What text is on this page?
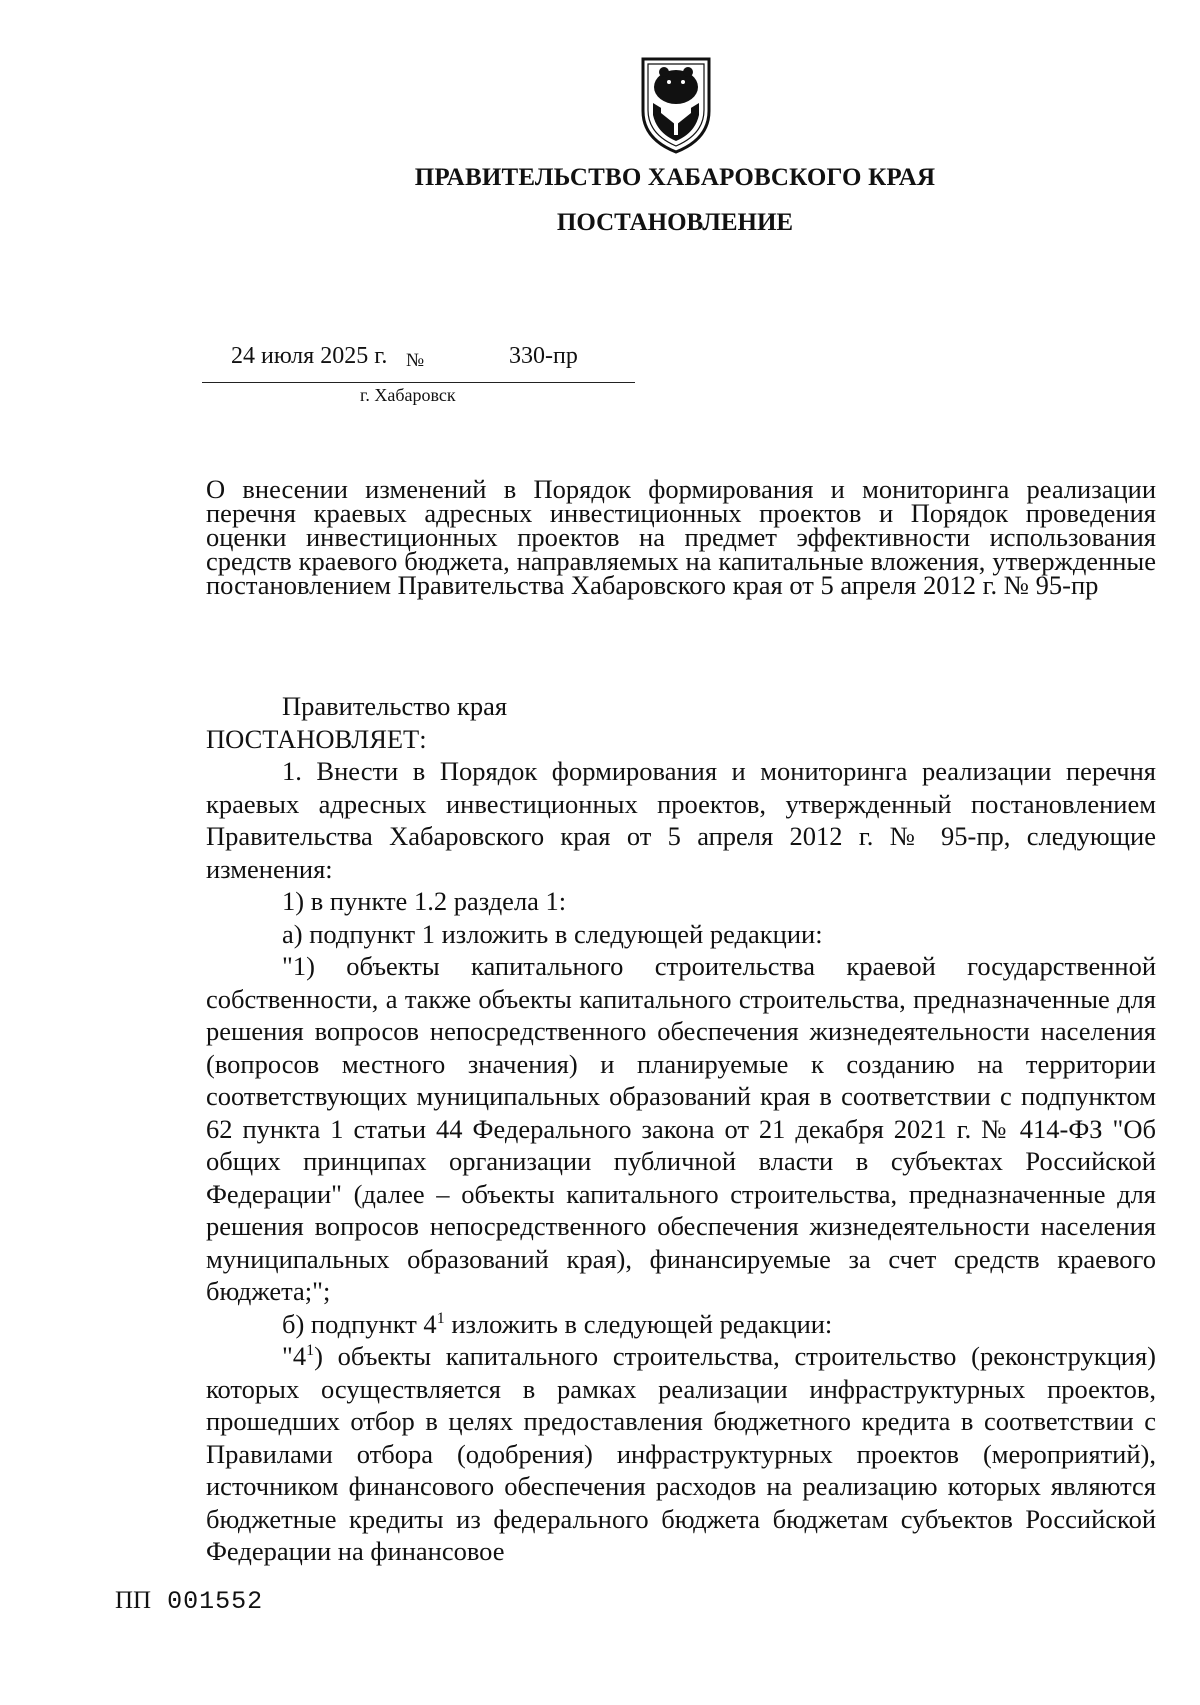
ПРАВИТЕЛЬСТВО ХАБАРОВСКОГО КРАЯ
ПОСТАНОВЛЕНИЕ
24 июля 2025 г. №	330-пр
г. Хабаровск
О внесении изменений в Порядок формирования и мониторинга реализации перечня краевых адресных инвестиционных проектов и Порядок проведения оценки инвестиционных проектов на предмет эффективности использования средств краевого бюджета, направляемых на капитальные вложения, утвержденные постановлением Правительства Хабаровского края от 5 апреля 2012 г. № 95-пр

Правительство края

ПОСТАНОВЛЯЕТ:

1. Внести в Порядок формирования и мониторинга реализации перечня краевых адресных инвестиционных проектов, утвержденный постановлением Правительства Хабаровского края от 5 апреля 2012 г. № 95-пр, следующие изменения:

1) в пункте 1.2 раздела 1:

а) подпункт 1 изложить в следующей редакции:

"1) объекты капитального строительства краевой государственной собственности, а также объекты капитального строительства, предназначенные для решения вопросов непосредственного обеспечения жизнедеятельности населения (вопросов местного значения) и планируемые к созданию на территории соответствующих муниципальных образований края в соответствии с подпунктом 62 пункта 1 статьи 44 Федерального закона от 21 декабря 2021 г. № 414-ФЗ "Об общих принципах организации публичной власти в субъектах Российской Федерации" (далее – объекты капитального строительства, предназначенные для решения вопросов непосредственного обеспечения жизнедеятельности населения муниципальных образований края), финансируемые за счет средств краевого бюджета;";

б) подпункт $4^1$ изложить в следующей редакции:

"$4^1$) объекты капитального строительства, строительство (реконструкция) которых осуществляется в рамках реализации инфраструктурных проектов, прошедших отбор в целях предоставления бюджетного кредита в соответствии с Правилами отбора (одобрения) инфраструктурных проектов (мероприятий), источником финансового обеспечения расходов на реализацию которых являются бюджетные кредиты из федерального бюджета бюджетам субъектов Российской Федерации на финансовое

ПП 001552
